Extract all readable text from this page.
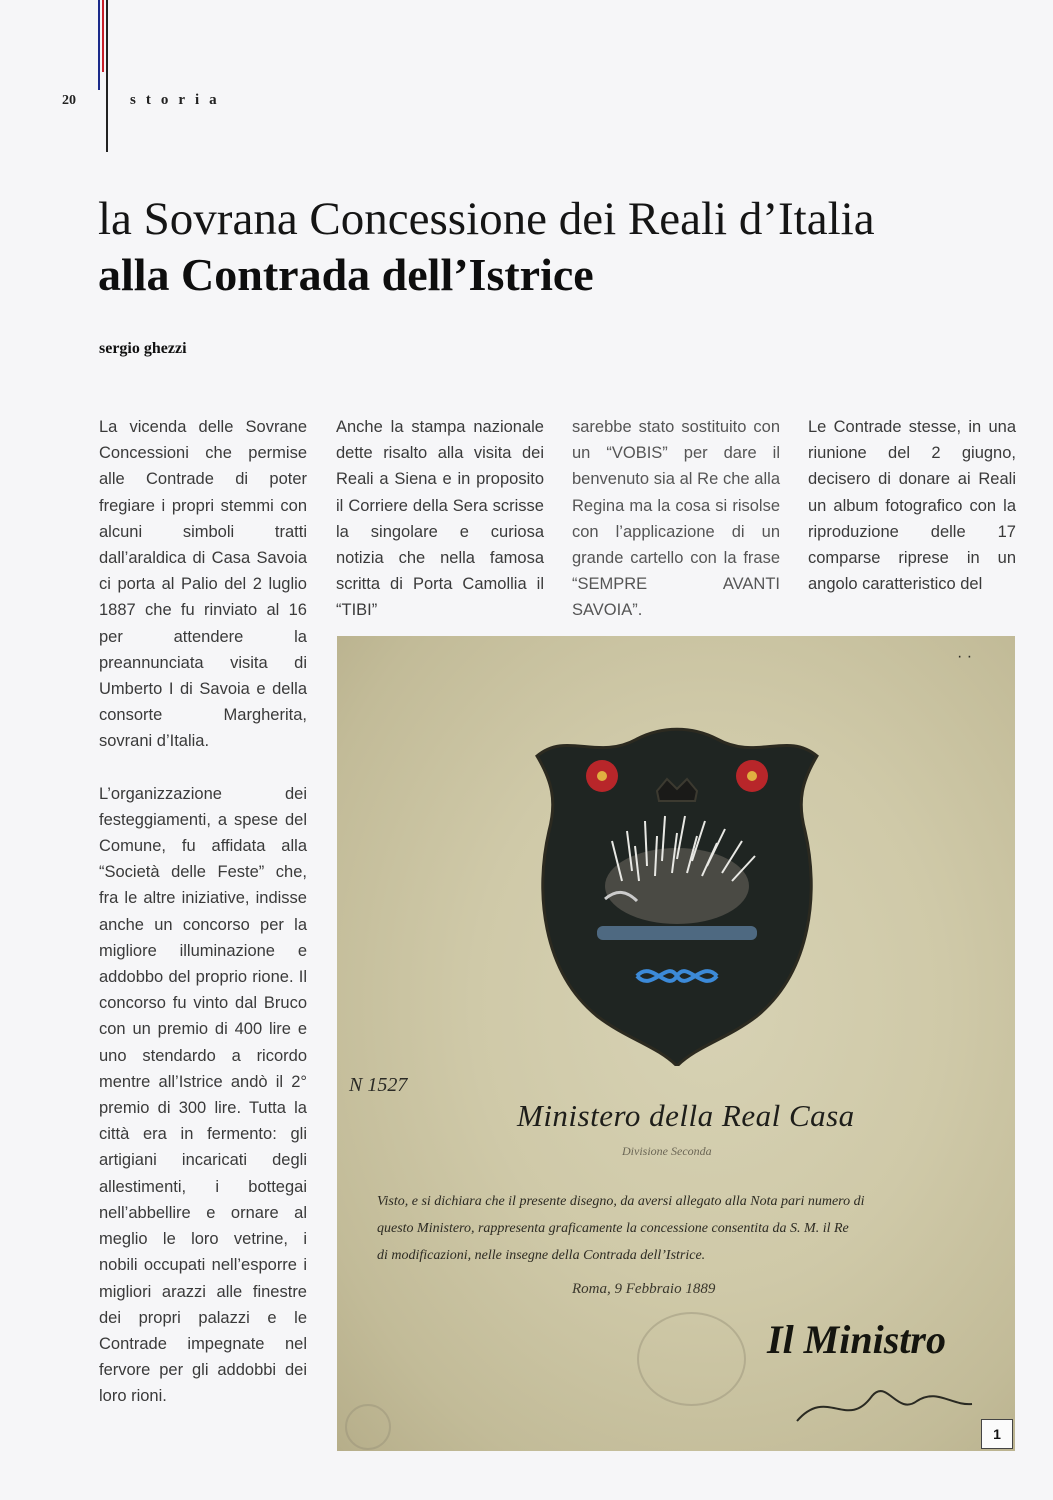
20	storia
la Sovrana Concessione dei Reali d’Italia
alla Contrada dell’Istrice
sergio ghezzi

La vicenda delle Sovrane Concessioni che permise alle Contrade di poter fregiare i propri stemmi con alcuni simboli tratti dall’araldica di Casa Savoia ci porta al Palio del 2 luglio 1887 che fu rinviato al 16 per attendere la preannunciata visita di Umberto I di Savoia e della consorte Margherita, sovrani d’Italia.

L’organizzazione dei festeggiamenti, a spese del Comune, fu affidata alla “Società delle Feste” che, fra le altre iniziative, indisse anche un concorso per la migliore illuminazione e addobbo del proprio rione. Il concorso fu vinto dal Bruco con un premio di 400 lire e uno stendardo a ricordo mentre all’Istrice andò il 2° premio di 300 lire. Tutta la città era in fermento: gli artigiani incaricati degli allestimenti, i bottegai nell’abbellire e ornare al meglio le loro vetrine, i nobili occupati nell’esporre i migliori arazzi alle finestre dei propri palazzi e le Contrade impegnate nel fervore per gli addobbi dei loro rioni.

Anche la stampa nazionale dette risalto alla visita dei Reali a Siena e in proposito il Corriere della Sera scrisse la singolare e curiosa notizia che nella famosa scritta di Porta Camollia il “TIBI”

sarebbe stato sostituito con un “VOBIS” per dare il benvenuto sia al Re che alla Regina ma la cosa si risolse con l’applicazione di un grande cartello con la frase “SEMPRE AVANTI SAVOIA”.

Le Contrade stesse, in una riunione del 2 giugno, decisero di donare ai Reali un album fotografico con la riproduzione delle 17 comparse riprese in un angolo caratteristico del

· ·
N 1527
Ministero della Real Casa
Divisione Seconda
Visto, e si dichiara che il presente disegno, da aversi allegato alla Nota pari numero di
questo Ministero, rappresenta graficamente la concessione consentita da S. M. il Re
di modificazioni, nelle insegne della Contrada dell’Istrice.
Roma, 9 Febbraio 1889
Il Ministro
1
